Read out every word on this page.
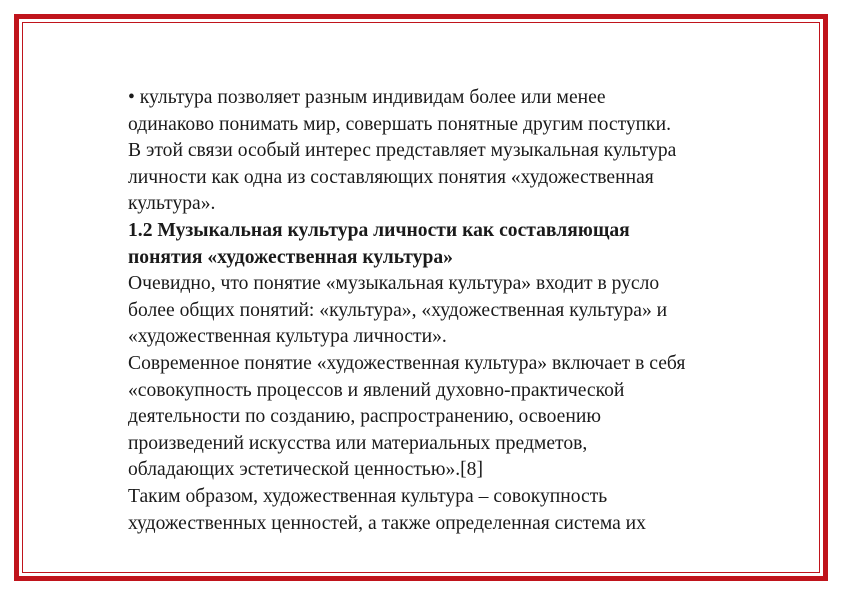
• культура позволяет разным индивидам более или менее
одинаково понимать мир, совершать понятные другим поступки.
В этой связи особый интерес представляет музыкальная культура
личности как одна из составляющих понятия «художественная
культура».
1.2 Музыкальная культура личности как составляющая
понятия «художественная культура»
Очевидно, что понятие «музыкальная культура» входит в русло
более общих понятий: «культура», «художественная культура» и
«художественная культура личности».
Современное понятие «художественная культура» включает в себя
«совокупность процессов и явлений духовно-практической
деятельности по созданию, распространению, освоению
произведений искусства или материальных предметов,
обладающих эстетической ценностью».[8]
Таким образом, художественная культура – совокупность
художественных ценностей, а также определенная система их
